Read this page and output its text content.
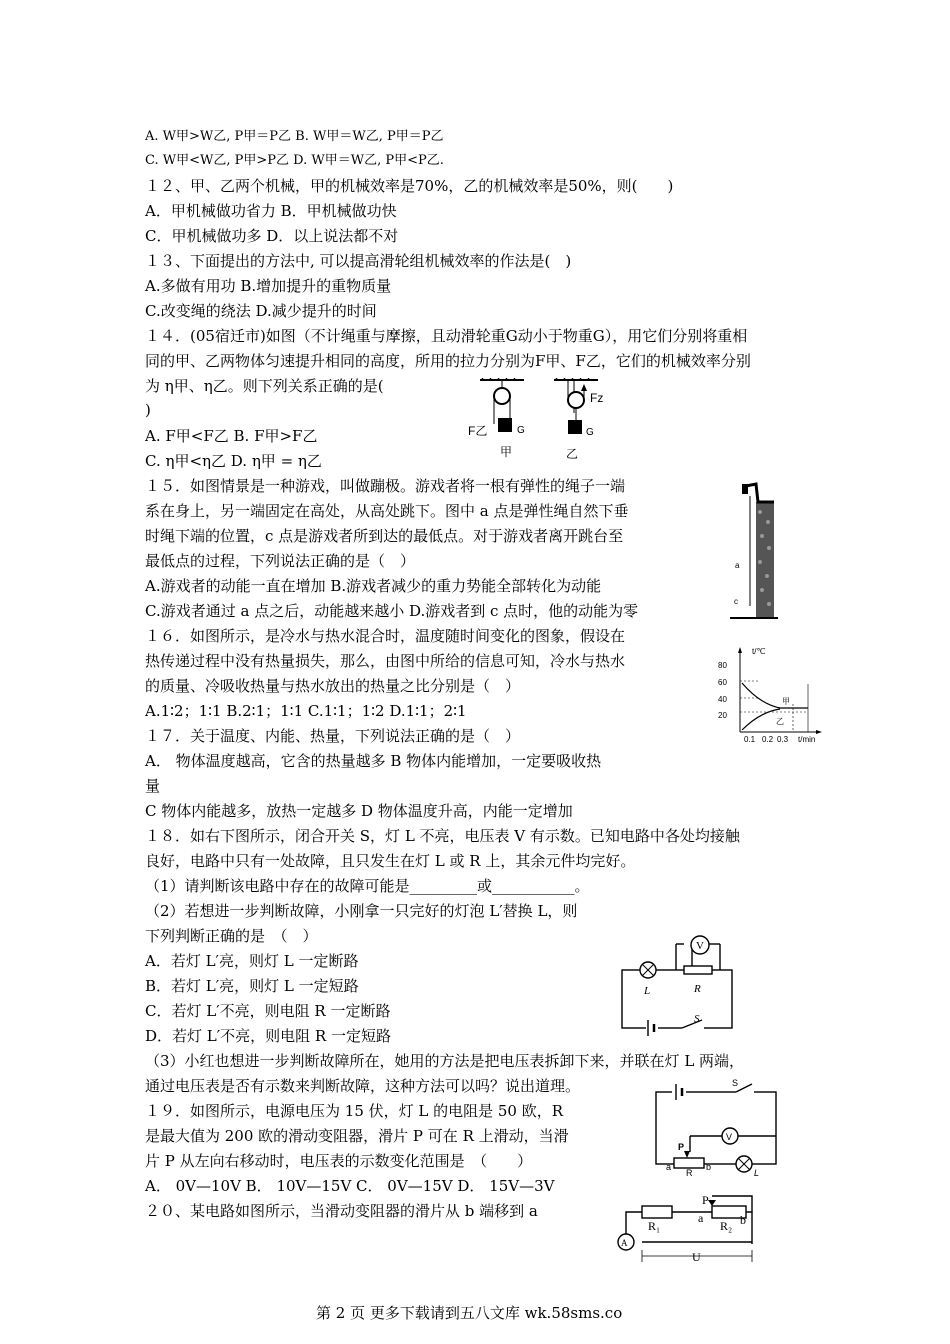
A. W甲>W乙, P甲＝P乙 B. W甲＝W乙, P甲＝P乙
C. W甲<W乙, P甲>P乙 D. W甲＝W乙, P甲<P乙.
１２、甲、乙两个机械，甲的机械效率是70%，乙的机械效率是50%，则(　　)
A．甲机械做功省力 B．甲机械做功快
C．甲机械做功多 D．以上说法都不对
１３、下面提出的方法中, 可以提高滑轮组机械效率的作法是(　)
A.多做有用功 B.增加提升的重物质量
C.改变绳的绕法 D.减少提升的时间
１４．(05宿迁市)如图（不计绳重与摩擦，且动滑轮重G动小于物重G），用它们分别将重相
同的甲、乙两物体匀速提升相同的高度，所用的拉力分别为F甲、F乙，它们的机械效率分别
为 η甲、η乙。则下列关系正确的是(
)
A. F甲<F乙 B. F甲>F乙
C. η甲<η乙 D. η甲 = η乙
１５．如图情景是一种游戏，叫做蹦极。游戏者将一根有弹性的绳子一端
系在身上，另一端固定在高处，从高处跳下。图中 a 点是弹性绳自然下垂
时绳下端的位置，c 点是游戏者所到达的最低点。对于游戏者离开跳台至
最低点的过程，下列说法正确的是（　）
A.游戏者的动能一直在增加 B.游戏者减少的重力势能全部转化为动能
C.游戏者通过 a 点之后，动能越来越小 D.游戏者到 c 点时，他的动能为零
１６．如图所示，是冷水与热水混合时，温度随时间变化的图象，假设在
热传递过程中没有热量损失，那么，由图中所给的信息可知，冷水与热水
的质量、冷吸收热量与热水放出的热量之比分别是（　）
A.1∶2；1∶1 B.2∶1；1∶1 C.1∶1；1∶2 D.1∶1；2∶1
１７．关于温度、内能、热量，下列说法正确的是（　）
A． 物体温度越高，它含的热量越多 B 物体内能增加，一定要吸收热
量
C 物体内能越多，放热一定越多 D 物体温度升高，内能一定增加
１８．如右下图所示，闭合开关 S，灯 L 不亮，电压表 V 有示数。已知电路中各处均接触
良好，电路中只有一处故障，且只发生在灯 L 或 R 上，其余元件均完好。
（1）请判断该电路中存在的故障可能是_________或___________。
（2）若想进一步判断故障，小刚拿一只完好的灯泡 L′替换 L，则
下列判断正确的是　（　）
A．若灯 L′亮，则灯 L 一定断路
B．若灯 L′亮，则灯 L 一定短路
C．若灯 L′不亮，则电阻 R 一定断路
D．若灯 L′不亮，则电阻 R 一定短路
（3）小红也想进一步判断故障所在，她用的方法是把电压表拆卸下来，并联在灯 L 两端，
通过电压表是否有示数来判断故障，这种方法可以吗？说出道理。
１９．如图所示，电源电压为 15 伏，灯 L 的电阻是 50 欧，R
是最大值为 200 欧的滑动变阻器，滑片 P 可在 R 上滑动，当滑
片 P 从左向右移动时，电压表的示数变化范围是　（　　）
A． 0V—10V B． 10V—15V C． 0V—15V D． 15V—3V
２０、某电路如图所示，当滑动变阻器的滑片从 b 端移到 a
F乙	G	G
Fz
甲	乙
a
c
t/℃
80
60
40
20
0.1 0.2 0.3 t/min
甲
乙
V
L	R
S
S
V
P
a	b
R	L
P
R₁	R₂
a	b
A
U
第 2 页 更多下载请到五八文库 wk.58sms.co
